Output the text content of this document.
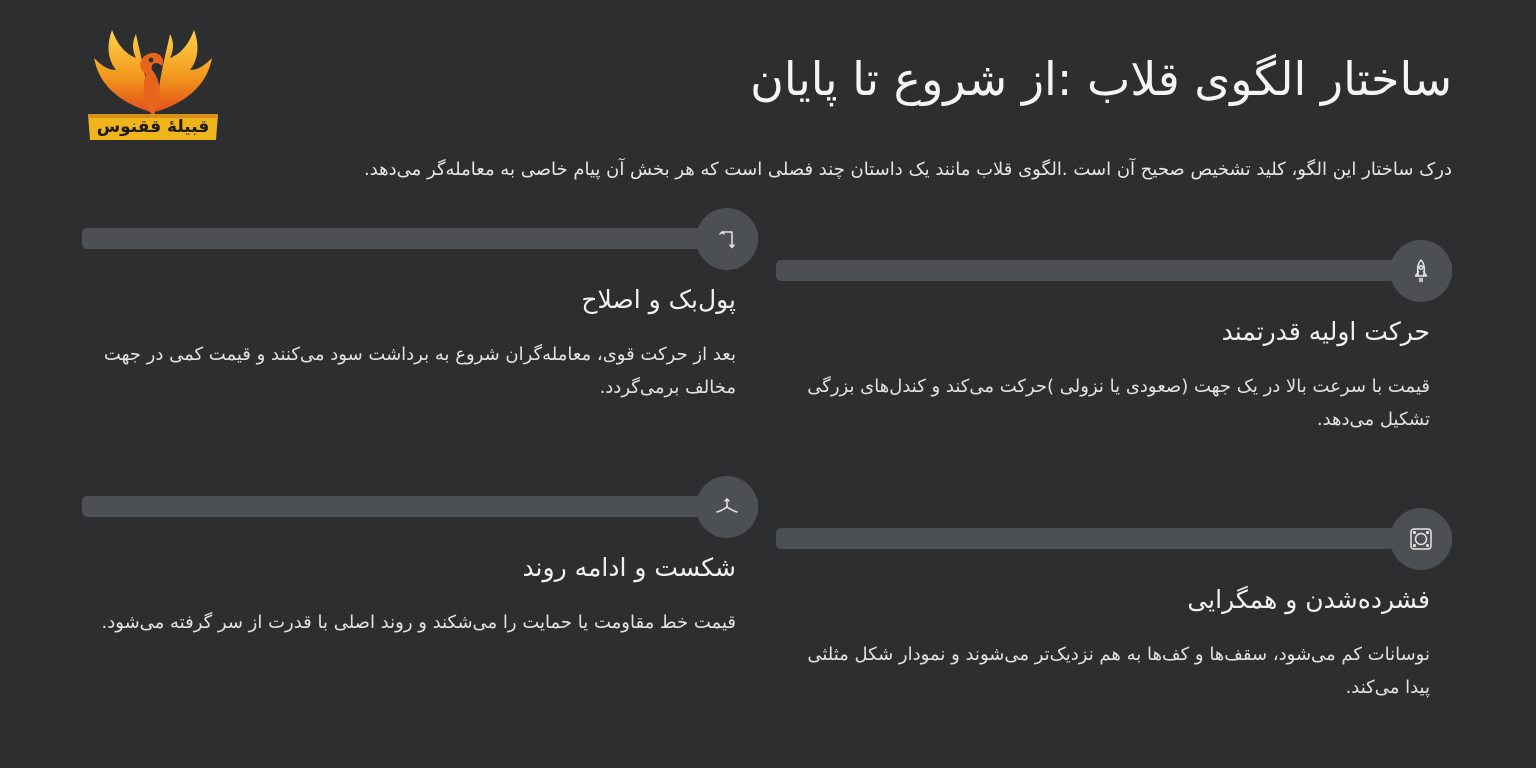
قبیلهٔ ققنوس
ساختار الگوی قلاب :از شروع تا پایان

درک ساختار این الگو، کلید تشخیص صحیح آن است .الگوی قلاب مانند یک داستان چند فصلی است که هر بخش آن پیام خاصی به معامله‌گر می‌دهد.

حرکت اولیه قدرتمند

قیمت با سرعت بالا در یک جهت (صعودی یا نزولی )حرکت می‌کند و کندل‌های بزرگی تشکیل می‌دهد.

پول‌بک و اصلاح

بعد از حرکت قوی، معامله‌گران شروع به برداشت سود می‌کنند و قیمت کمی در جهت مخالف برمی‌گردد.

فشرده‌شدن و همگرایی

نوسانات کم می‌شود، سقف‌ها و کف‌ها به هم نزدیک‌تر می‌شوند و نمودار شکل مثلثی پیدا می‌کند.

شکست و ادامه روند

قیمت خط مقاومت یا حمایت را می‌شکند و روند اصلی با قدرت از سر گرفته می‌شود.
